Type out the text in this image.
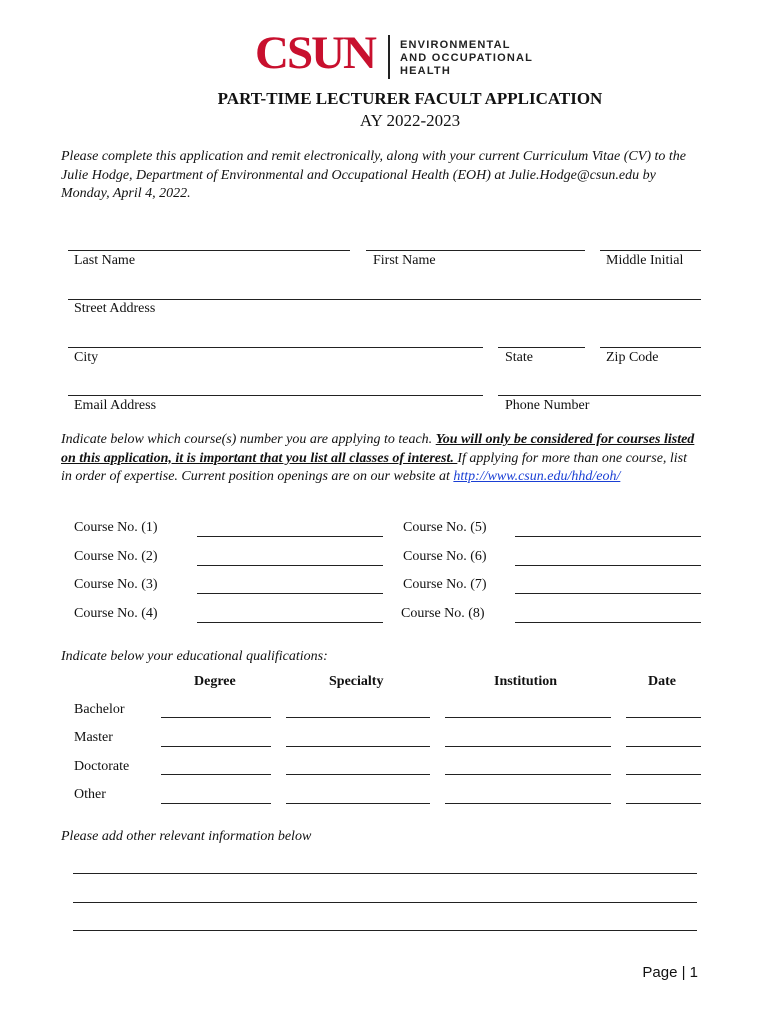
CSUN ENVIRONMENTAL
AND OCCUPATIONAL
HEALTH
PART-TIME LECTURER FACULT APPLICATION
AY 2022-2023
Please complete this application and remit electronically, along with your current Curriculum Vitae (CV) to the Julie Hodge, Department of Environmental and Occupational Health (EOH) at Julie.Hodge@csun.edu by Monday, April 4, 2022.
Last Name	First Name	Middle Initial
Street Address
City	State	Zip Code
Email Address	Phone Number
Indicate below which course(s) number you are applying to teach. You will only be considered for courses listed on this application, it is important that you list all classes of interest. If applying for more than one course, list in order of expertise. Current position openings are on our website at http://www.csun.edu/hhd/eoh/
Course No. (1)
Course No. (2)
Course No. (3)
Course No. (4)
Course No. (5)
Course No. (6)
Course No. (7)
Course No. (8)
Indicate below your educational qualifications:
Degree	Specialty	Institution	Date
Bachelor
Master
Doctorate
Other
Please add other relevant information below
Page | 1
